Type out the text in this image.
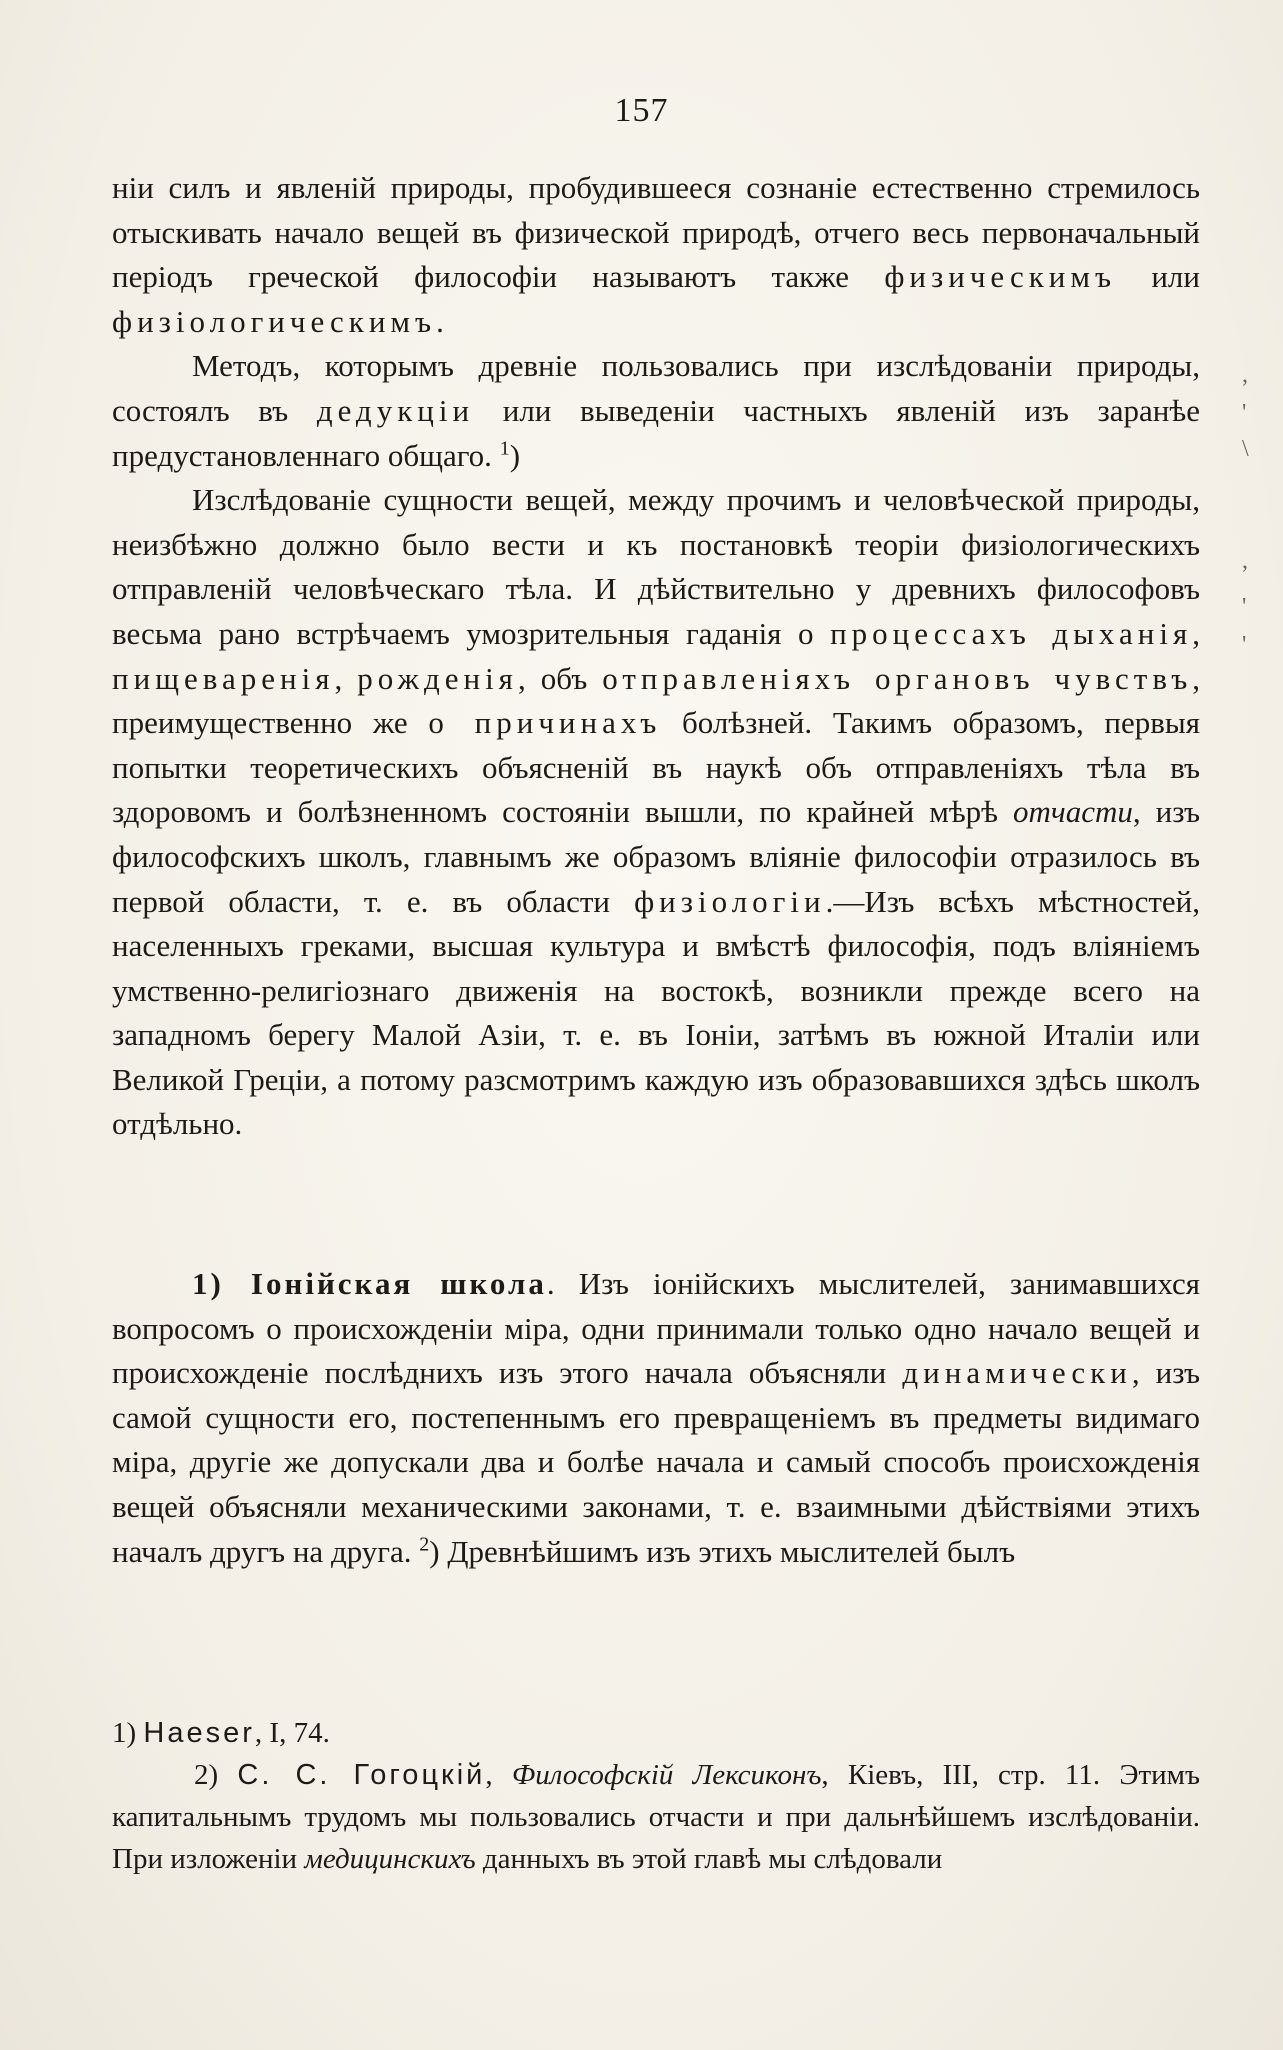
157

ніи силъ и явленій природы, пробудившееся сознаніе естественно стремилось отыскивать начало вещей въ физической природѣ, отчего весь первоначальный періодъ греческой философіи называютъ также физическимъ или физіологическимъ.

Методъ, которымъ древніе пользовались при изслѣдованіи природы, состоялъ въ дедукціи или выведеніи частныхъ явленій изъ заранѣе предустановленнаго общаго. $^1$)

Изслѣдованіе сущности вещей, между прочимъ и человѣческой природы, неизбѣжно должно было вести и къ постановкѣ теоріи физіологическихъ отправленій человѣческаго тѣла. И дѣйствительно у древнихъ философовъ весьма рано встрѣчаемъ умозрительныя гаданія о процессахъ дыханія, пищеваренія, рожденія, объ отправленіяхъ органовъ чувствъ, преимущественно же о причинахъ болѣзней. Такимъ образомъ, первыя попытки теоретическихъ объясненій въ наукѣ объ отправленіяхъ тѣла въ здоровомъ и болѣзненномъ состояніи вышли, по крайней мѣрѣ отчасти, изъ философскихъ школъ, главнымъ же образомъ вліяніе философіи отразилось въ первой области, т. е. въ области физіологіи.—Изъ всѣхъ мѣстностей, населенныхъ греками, высшая культура и вмѣстѣ философія, подъ вліяніемъ умственно-религіознаго движенія на востокѣ, возникли прежде всего на западномъ берегу Малой Азіи, т. е. въ Іоніи, затѣмъ въ южной Италіи или Великой Греціи, а потому разсмотримъ каждую изъ образовавшихся здѣсь школъ отдѣльно.

1) Іонійская школа. Изъ іонійскихъ мыслителей, занимавшихся вопросомъ о происхожденіи міра, одни принимали только одно начало вещей и происхожденіе послѣднихъ изъ этого начала объясняли динамически, изъ самой сущности его, постепеннымъ его превращеніемъ въ предметы видимаго міра, другіе же допускали два и болѣе начала и самый способъ происхожденія вещей объясняли механическими законами, т. е. взаимными дѣйствіями этихъ началъ другъ на друга. $^2$) Древнѣйшимъ изъ этихъ мыслителей былъ

1) Haeser, I, 74.

2) С. С. Гогоцкій, Философскій Лексиконъ, Кіевъ, III, стр. 11. Этимъ капитальнымъ трудомъ мы пользовались отчасти и при дальнѣйшемъ изслѣдованіи. При изложеніи медицинскихъ данныхъ въ этой главѣ мы слѣдовали

,
'
\
,
'
'
